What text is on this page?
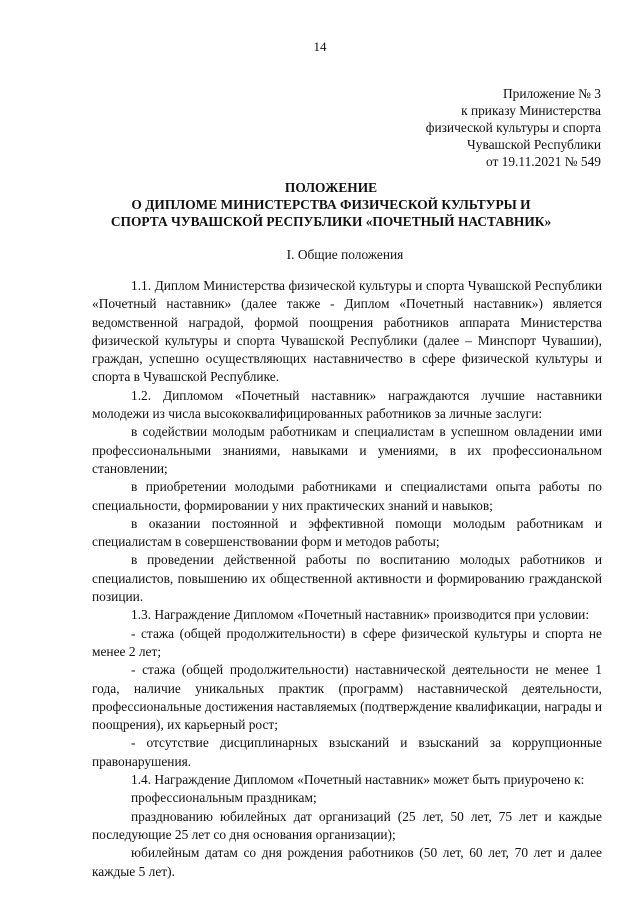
14
Приложение № 3
к приказу Министерства
физической культуры и спорта
Чувашской Республики
от 19.11.2021 № 549
ПОЛОЖЕНИЕ
О ДИПЛОМЕ МИНИСТЕРСТВА ФИЗИЧЕСКОЙ КУЛЬТУРЫ И
СПОРТА ЧУВАШСКОЙ РЕСПУБЛИКИ «ПОЧЕТНЫЙ НАСТАВНИК»
I. Общие положения

1.1. Диплом Министерства физической культуры и спорта Чувашской Республики «Почетный наставник» (далее также - Диплом «Почетный наставник») является ведомственной наградой, формой поощрения работников аппарата Министерства физической культуры и спорта Чувашской Республики (далее – Минспорт Чувашии), граждан, успешно осуществляющих наставничество в сфере физической культуры и спорта в Чувашской Республике.

1.2. Дипломом «Почетный наставник» награждаются лучшие наставники молодежи из числа высококвалифицированных работников за личные заслуги:

в содействии молодым работникам и специалистам в успешном овладении ими профессиональными знаниями, навыками и умениями, в их профессиональном становлении;

в приобретении молодыми работниками и специалистами опыта работы по специальности, формировании у них практических знаний и навыков;

в оказании постоянной и эффективной помощи молодым работникам и специалистам в совершенствовании форм и методов работы;

в проведении действенной работы по воспитанию молодых работников и специалистов, повышению их общественной активности и формированию гражданской позиции.

1.3. Награждение Дипломом «Почетный наставник» производится при условии:

- стажа (общей продолжительности) в сфере физической культуры и спорта не менее 2 лет;

- стажа (общей продолжительности) наставнической деятельности не менее 1 года, наличие уникальных практик (программ) наставнической деятельности, профессиональные достижения наставляемых (подтверждение квалификации, награды и поощрения), их карьерный рост;

- отсутствие дисциплинарных взысканий и взысканий за коррупционные правонарушения.

1.4. Награждение Дипломом «Почетный наставник» может быть приурочено к:

профессиональным праздникам;

празднованию юбилейных дат организаций (25 лет, 50 лет, 75 лет и каждые последующие 25 лет со дня основания организации);

юбилейным датам со дня рождения работников (50 лет, 60 лет, 70 лет и далее каждые 5 лет).
